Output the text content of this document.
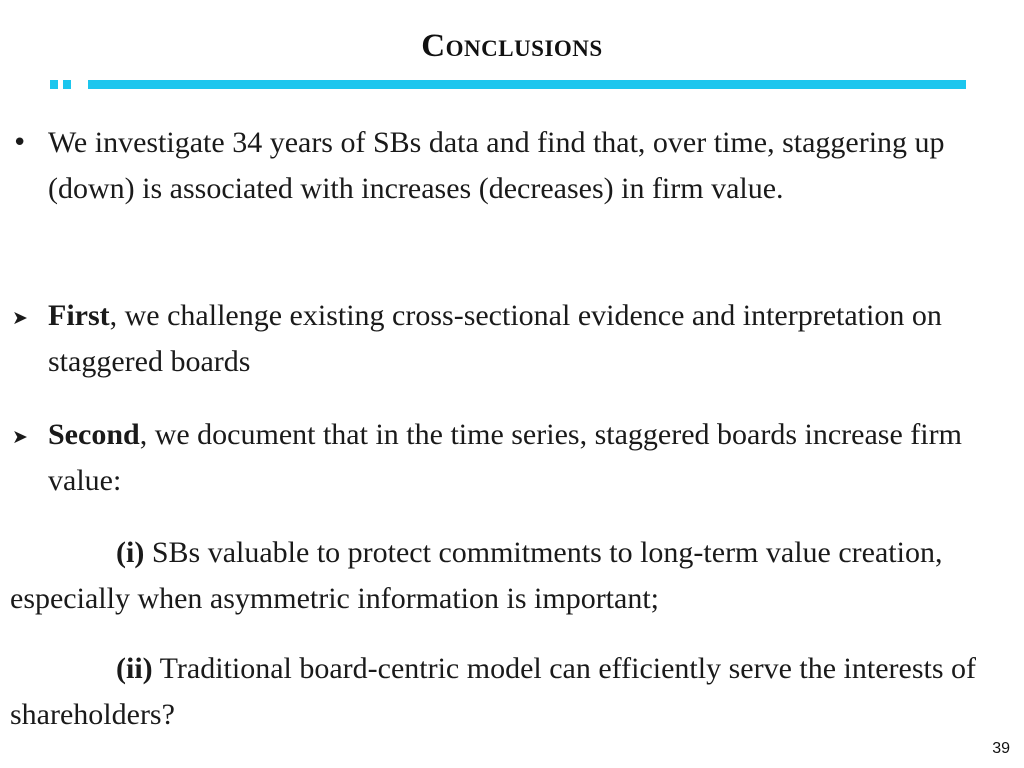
Conclusions
• We investigate 34 years of SBs data and find that, over time, staggering up (down) is associated with increases (decreases) in firm value.
➤ First, we challenge existing cross-sectional evidence and interpretation on staggered boards
➤ Second, we document that in the time series, staggered boards increase firm value:
(i) SBs valuable to protect commitments to long-term value creation, especially when asymmetric information is important;
(ii) Traditional board-centric model can efficiently serve the interests of shareholders?
39
